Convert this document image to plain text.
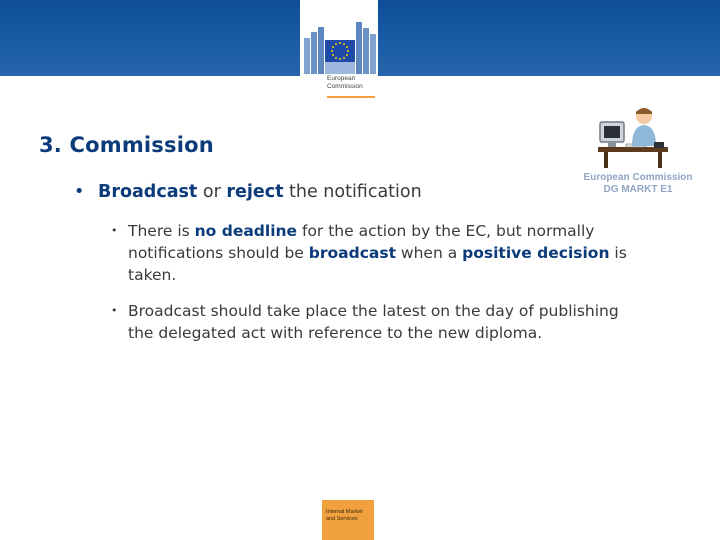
European
Commission
3. Commission
European Commission
DG MARKT E1
• Broadcast or reject the notification
• There is no deadline for the action by the EC, but normally notifications should be broadcast when a positive decision is taken.
• Broadcast should take place the latest on the day of publishing the delegated act with reference to the new diploma.
Internal Market
and Services
